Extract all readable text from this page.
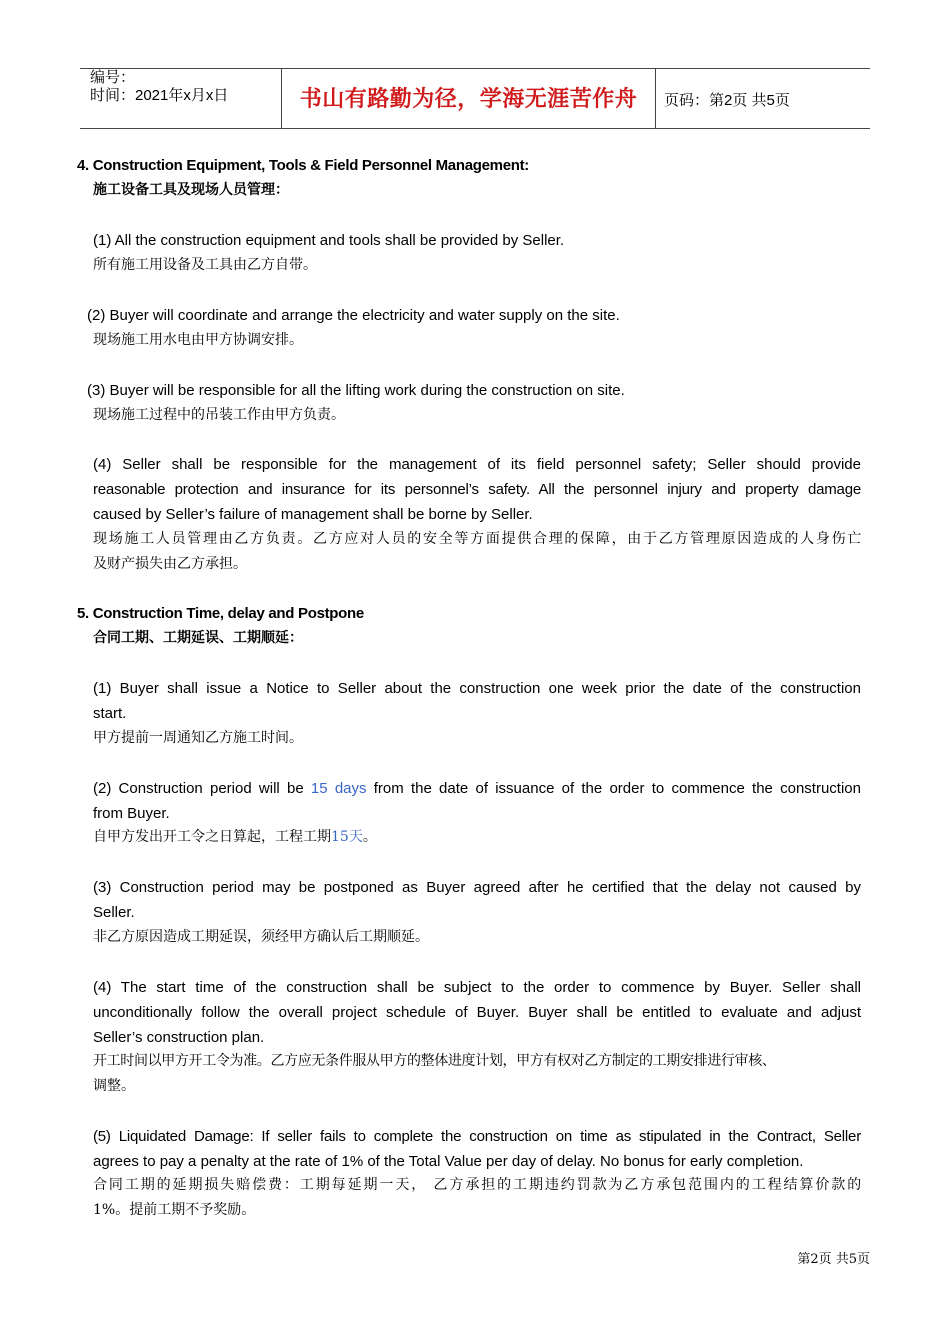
编号：
时间：2021年x月x日	书山有路勤为径，学海无涯苦作舟	页码：第2页 共5页
4. Construction Equipment, Tools & Field Personnel Management:
施工设备工具及现场人员管理：
(1) All the construction equipment and tools shall be provided by Seller.
所有施工用设备及工具由乙方自带。
(2) Buyer will coordinate and arrange the electricity and water supply on the site.
现场施工用水电由甲方协调安排。
(3) Buyer will be responsible for all the lifting work during the construction on site.
现场施工过程中的吊装工作由甲方负责。
(4) Seller shall be responsible for the management of its field personnel safety; Seller should provide
reasonable protection and insurance for its personnel’s safety. All the personnel injury and property damage
caused by Seller’s failure of management shall be borne by Seller.
现场施工人员管理由乙方负责。乙方应对人员的安全等方面提供合理的保障，由于乙方管理原因造成的人身伤亡
及财产损失由乙方承担。
5. Construction Time, delay and Postpone
合同工期、工期延误、工期顺延：
(1) Buyer shall issue a Notice to Seller about the construction one week prior the date of the construction
start.
甲方提前一周通知乙方施工时间。
(2) Construction period will be 15 days from the date of issuance of the order to commence the construction
from Buyer.
自甲方发出开工令之日算起，工程工期15天。
(3) Construction period may be postponed as Buyer agreed after he certified that the delay not caused by
Seller.
非乙方原因造成工期延误，须经甲方确认后工期顺延。
(4) The start time of the construction shall be subject to the order to commence by Buyer. Seller shall
unconditionally follow the overall project schedule of Buyer. Buyer shall be entitled to evaluate and adjust
Seller’s construction plan.
开工时间以甲方开工令为准。乙方应无条件服从甲方的整体进度计划，甲方有权对乙方制定的工期安排进行审核、
调整。
(5) Liquidated Damage: If seller fails to complete the construction on time as stipulated in the Contract, Seller
agrees to pay a penalty at the rate of 1% of the Total Value per day of delay. No bonus for early completion.
合同工期的延期损失赔偿费：工期每延期一天， 乙方承担的工期违约罚款为乙方承包范围内的工程结算价款的
1%。提前工期不予奖励。
第2页 共5页
